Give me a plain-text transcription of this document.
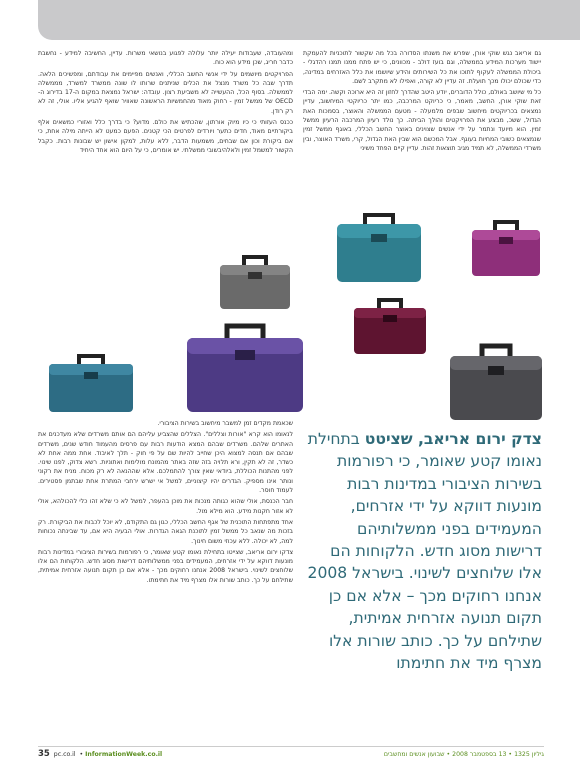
גם אריאב נגש שוקי אורן, שפרש את משנתו הסדורה בכל מה שקשור לתוכניות להעמקת יישוד מערכות המידע בממשלה, וגם בועז דולב - מכוונים, כי יש פתח ממנו תמנו רהדגלי - ביכולת הממשלה לעקוף לתוכו את כל השירותים והידע שיושמו את כלל האזרחים במדינה, כדי שכולם יכולו מכך תועלת. זה עדיין לא קורה, ואפילו לא מתקרב לשם.

כל מי שיושב באולם, כולל הדוברים, יודע היטב שהדרך לחזון זה היא ארוכה וקשה. ימה הבדי זאת שוקי אורן, החשב, מאמר, כי כריוקט המרכבה, כמו יתר כריוקטי המיחשוב, עדיין נמצאים בכריוקטים מיחשוב שבפים מלמעלה - מטעם הממשלה והאוצר, בסמכות האת הגדול, ששכ, מבצע את הפרויקטים והולך הביתה. כך נולד רעיון המרכבה הרעיון ממשל זמין. הוא מיועד ונתמר על ידי אנשים שצוינים באוצר החשב הכללי, באוגף ממשל זמין שנמצאים כשובי המחיות בעוגף. אבל המכשם הוא שבין האת הגדול, קרי, משרד האוצר, ובין משרדי הממשלה, לא תמיד מגיב תוצאות זהות. עדיין קיים הפחד משיני

ומהעובדה, שעבודות יעילה יותר עלולה לפגוע בנושאי משרות. עדיין, החשיבה למידע - נחשבת כדבר חריג, שכן מידע הוא כוח.

הפרויקטים מיושמים על ידי אנשי החשב הכללי, ואנשים מפיימים את עבודתם, ומפשיכים הלאה. תדרך שבה כל משרד מנצל את הכלים שניתנים שרותו לו שונה ממשרד למשרד, מממשלה לממשלה. בסוף הכל, ההעשייה לא משביעת רצון. עובדה: ישראל נמצאת במקום ה-17 בדירוג ה-OECD של ממשל זמין - רחוק מאוד מהחמשיות הראשונה שאוויר שואף להגיע אליו. אולי, זה לא רק רודן.

ככנס העזותי כי כיו מיוק אורתון, שהכתיש את כולם. מדוע? כי בדרך כלל ואזורי כמשאים אלף ביקורתיים מאוד, חדים כתער ויורדים לפרטים הכי קטנים. הפעם כמעט לא הייתה מילה אחת, כי אם ביקורת וכון אם שבחים, משמעות הדבר, ללא עלות, למקון אישון יש שבונות רבות. כקבל הקשור למשמל זמין ולאלהיבשובי ממשלתי. יש אומרים, כי על היום הוא אחד היחיד

שכאמת מקדים זמן למשבר מיחשוב בשירות הציבורי.

לנאומו הוא קרא "אורות וצללים". הצללים שהצביע עליהם הם אותם משרדים שלא מעדכנים את האתרים שלהם. משרדים שבהם המצא הודעות רבות עם פרסים מהעמוד חודש שנים, משרדים שבהם אם תנסה למצוא היכן שחייב להיות שם על פי חוק - תלך לאיבוד. אחת ממה אחת לא כשדר, זה לא תקין, ורא תלויה בזה שזה באתר מהמונח מולימות ואתוניות. רשא צדוק, לפנו שינוי. לפני מהתנות הכוללת, ביודאי שאין צורך להתמלכם. אלא שההנאה לא רק מכוח. מניח את רקוני ונותר אינו מספיק. הגדרים יהיו קיצוניים, למשל אי ישרש ירחבי המתרת אחת שבתמן פסטירים. לעמוד חוסר.

חבר הכנסת, אולי שהוא כגותה מנכות את מוכן בהעפר, למשל לא כי שלא זהו כלי להכולהא, אולי לא אזור חקנות מידע. הוא מילא מול.

אחד מתפתחות התוכנית של אגף החשב הכללי, כגון גם התקודם, לא יוכל לכבות את הביקורת. רק בזכות מה שנאב כל ממשל זמין לתוכנת הגאה הגדרות. אולי הבעיה היא אם, עד שבינתה נכוחות למה, לא יכולה. ללא עכוזי משום חינוך.

צדקו ירום אריאב, שצייטו בתחילת נאומו קטע שאומר, כי רפורמות בשירות הציבורי במדינות רבות מונעות דווקא על ידי אזרחים, המעמידים בפני ממשלותיהם דרישות מסוג חדש. הלקוחות הם אלו שלוחצים לשינוי. בישראל 2008 אנחנו רחוקים מכך - אלא אם כן תקום תנועה אזרחית אמיתית, שתילחם על כך. כותב שורות אלו מצרף מיד את חתימתו.

צדק ירום אריאב, שציטט בתחילת נאומו קטע שאומר, כי רפורמות בשירות הציבורי במדינות רבות מונעות דווקא על ידי אזרחים, המעמידים בפני ממשלותיהם דרישות מסוג חדש. הלקוחות הם אלו שלוחצים לשינוי. בישראל 2008 אנחנו רחוקים מכך – אלא אם כן תקום תנועה אזרחית אמיתית, שתילחם על כך. כותב שורות אלו מצרף מיד את חתימתו
35 pc.co.il  • InformationWeek.co.il	גיליון 1325 • 13 בספטמבר 2008 • שבועון אנשים ומחשבים
